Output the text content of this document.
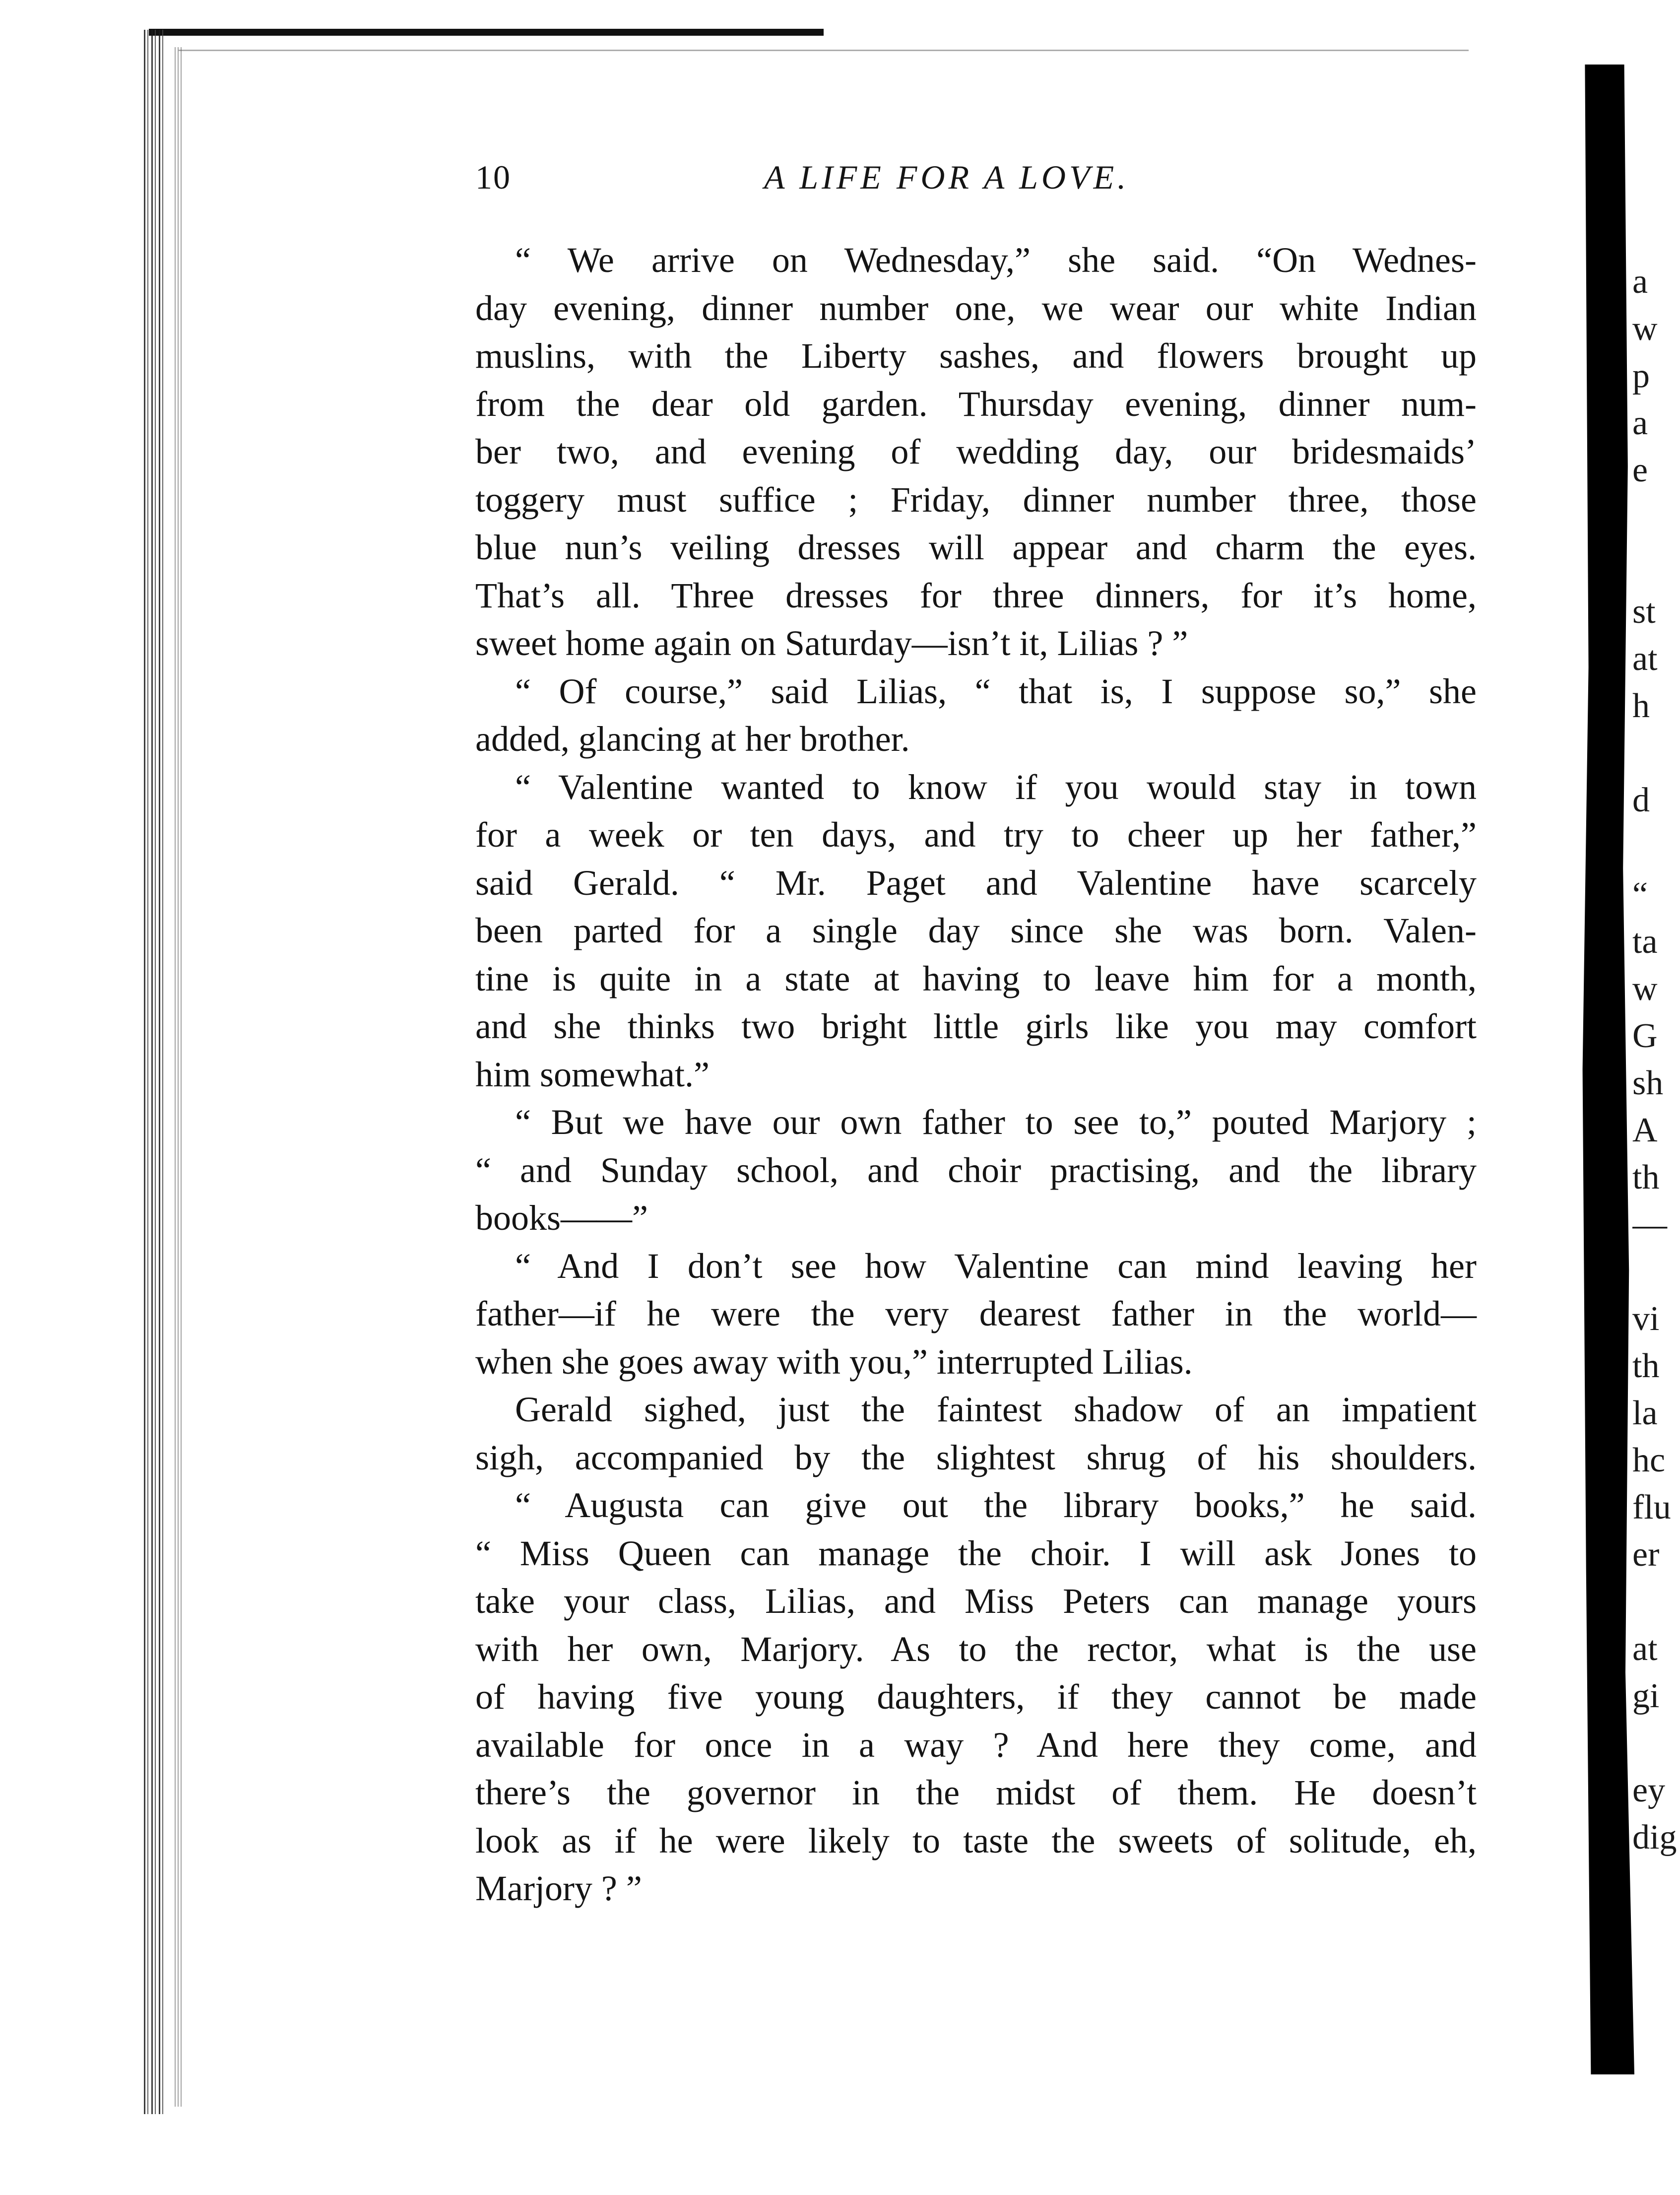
a
w
p
a
e

st
at
h

d

“
ta
w
G
sh
A
th
—

vi
th
la
hc
flu
er

at
gi

ey
dig
10	A LIFE FOR A LOVE.
“ We arrive on Wednesday,” she said. “On Wednes-
day evening, dinner number one, we wear our white Indian
muslins, with the Liberty sashes, and flowers brought up
from the dear old garden. Thursday evening, dinner num-
ber two, and evening of wedding day, our bridesmaids’
toggery must suffice ; Friday, dinner number three, those
blue nun’s veiling dresses will appear and charm the eyes.
That’s all. Three dresses for three dinners, for it’s home,
sweet home again on Saturday—isn’t it, Lilias ? ”
“ Of course,” said Lilias, “ that is, I suppose so,” she
added, glancing at her brother.
“ Valentine wanted to know if you would stay in town
for a week or ten days, and try to cheer up her father,”
said Gerald. “ Mr. Paget and Valentine have scarcely
been parted for a single day since she was born. Valen-
tine is quite in a state at having to leave him for a month,
and she thinks two bright little girls like you may comfort
him somewhat.”
“ But we have our own father to see to,” pouted Marjory ;
“ and Sunday school, and choir practising, and the library
books——”
“ And I don’t see how Valentine can mind leaving her
father—if he were the very dearest father in the world—
when she goes away with you,” interrupted Lilias.
Gerald sighed, just the faintest shadow of an impatient
sigh, accompanied by the slightest shrug of his shoulders.
“ Augusta can give out the library books,” he said.
“ Miss Queen can manage the choir. I will ask Jones to
take your class, Lilias, and Miss Peters can manage yours
with her own, Marjory. As to the rector, what is the use
of having five young daughters, if they cannot be made
available for once in a way ? And here they come, and
there’s the governor in the midst of them. He doesn’t
look as if he were likely to taste the sweets of solitude, eh,
Marjory ? ”
